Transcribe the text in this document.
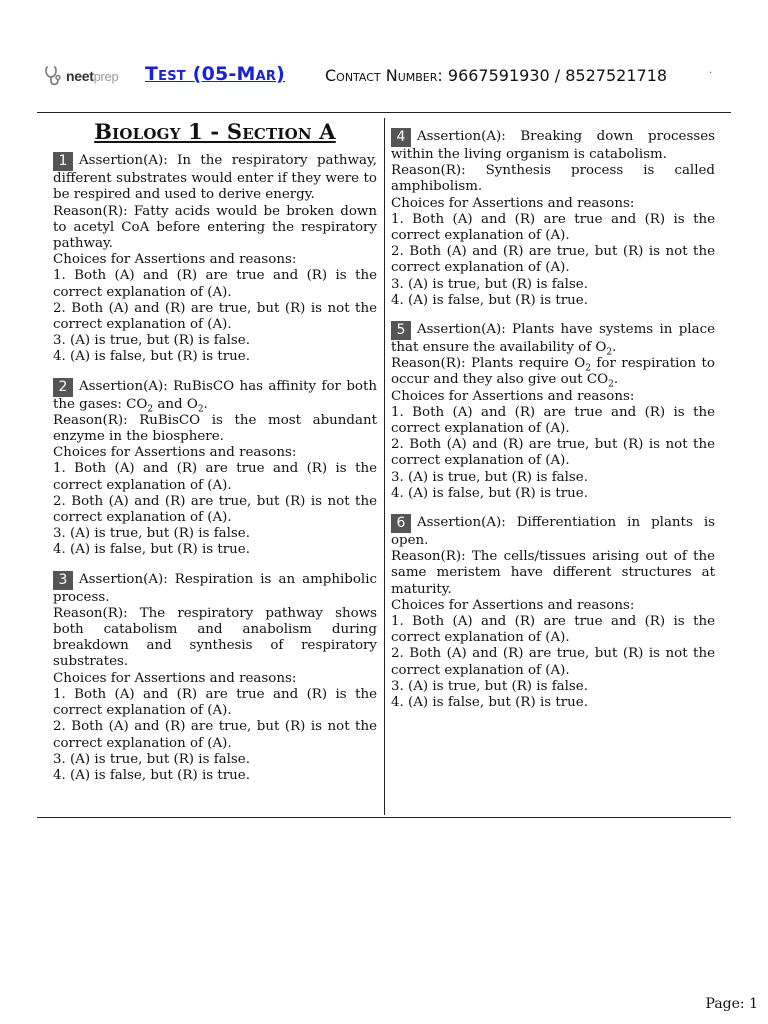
neetprep Test (05-Mar)	Contact Number: 9667591930 / 8527521718	·
Biology 1 - Section A

1 Assertion(A): In the respiratory pathway, different substrates would enter if they were to be respired and used to derive energy.

Reason(R): Fatty acids would be broken down to acetyl CoA before entering the respiratory pathway.

Choices for Assertions and reasons:

1. Both (A) and (R) are true and (R) is the correct explanation of (A).

2. Both (A) and (R) are true, but (R) is not the correct explanation of (A).

3. (A) is true, but (R) is false.

4. (A) is false, but (R) is true.

2 Assertion(A): RuBisCO has affinity for both the gases: $CO_2$ and $O_2$.

Reason(R): RuBisCO is the most abundant enzyme in the biosphere.

Choices for Assertions and reasons:

1. Both (A) and (R) are true and (R) is the correct explanation of (A).

2. Both (A) and (R) are true, but (R) is not the correct explanation of (A).

3. (A) is true, but (R) is false.

4. (A) is false, but (R) is true.

3 Assertion(A): Respiration is an amphibolic process.

Reason(R): The respiratory pathway shows both catabolism and anabolism during breakdown and synthesis of respiratory substrates.

Choices for Assertions and reasons:

1. Both (A) and (R) are true and (R) is the correct explanation of (A).

2. Both (A) and (R) are true, but (R) is not the correct explanation of (A).

3. (A) is true, but (R) is false.

4. (A) is false, but (R) is true.

4 Assertion(A): Breaking down processes within the living organism is catabolism.

Reason(R): Synthesis process is called amphibolism.

Choices for Assertions and reasons:

1. Both (A) and (R) are true and (R) is the correct explanation of (A).

2. Both (A) and (R) are true, but (R) is not the correct explanation of (A).

3. (A) is true, but (R) is false.

4. (A) is false, but (R) is true.

5 Assertion(A): Plants have systems in place that ensure the availability of $O_2$.

Reason(R): Plants require $O_2$ for respiration to occur and they also give out $CO_2$.

Choices for Assertions and reasons:

1. Both (A) and (R) are true and (R) is the correct explanation of (A).

2. Both (A) and (R) are true, but (R) is not the correct explanation of (A).

3. (A) is true, but (R) is false.

4. (A) is false, but (R) is true.

6 Assertion(A): Differentiation in plants is open.

Reason(R): The cells/tissues arising out of the same meristem have different structures at maturity.

Choices for Assertions and reasons:

1. Both (A) and (R) are true and (R) is the correct explanation of (A).

2. Both (A) and (R) are true, but (R) is not the correct explanation of (A).

3. (A) is true, but (R) is false.

4. (A) is false, but (R) is true.

Page: 1
